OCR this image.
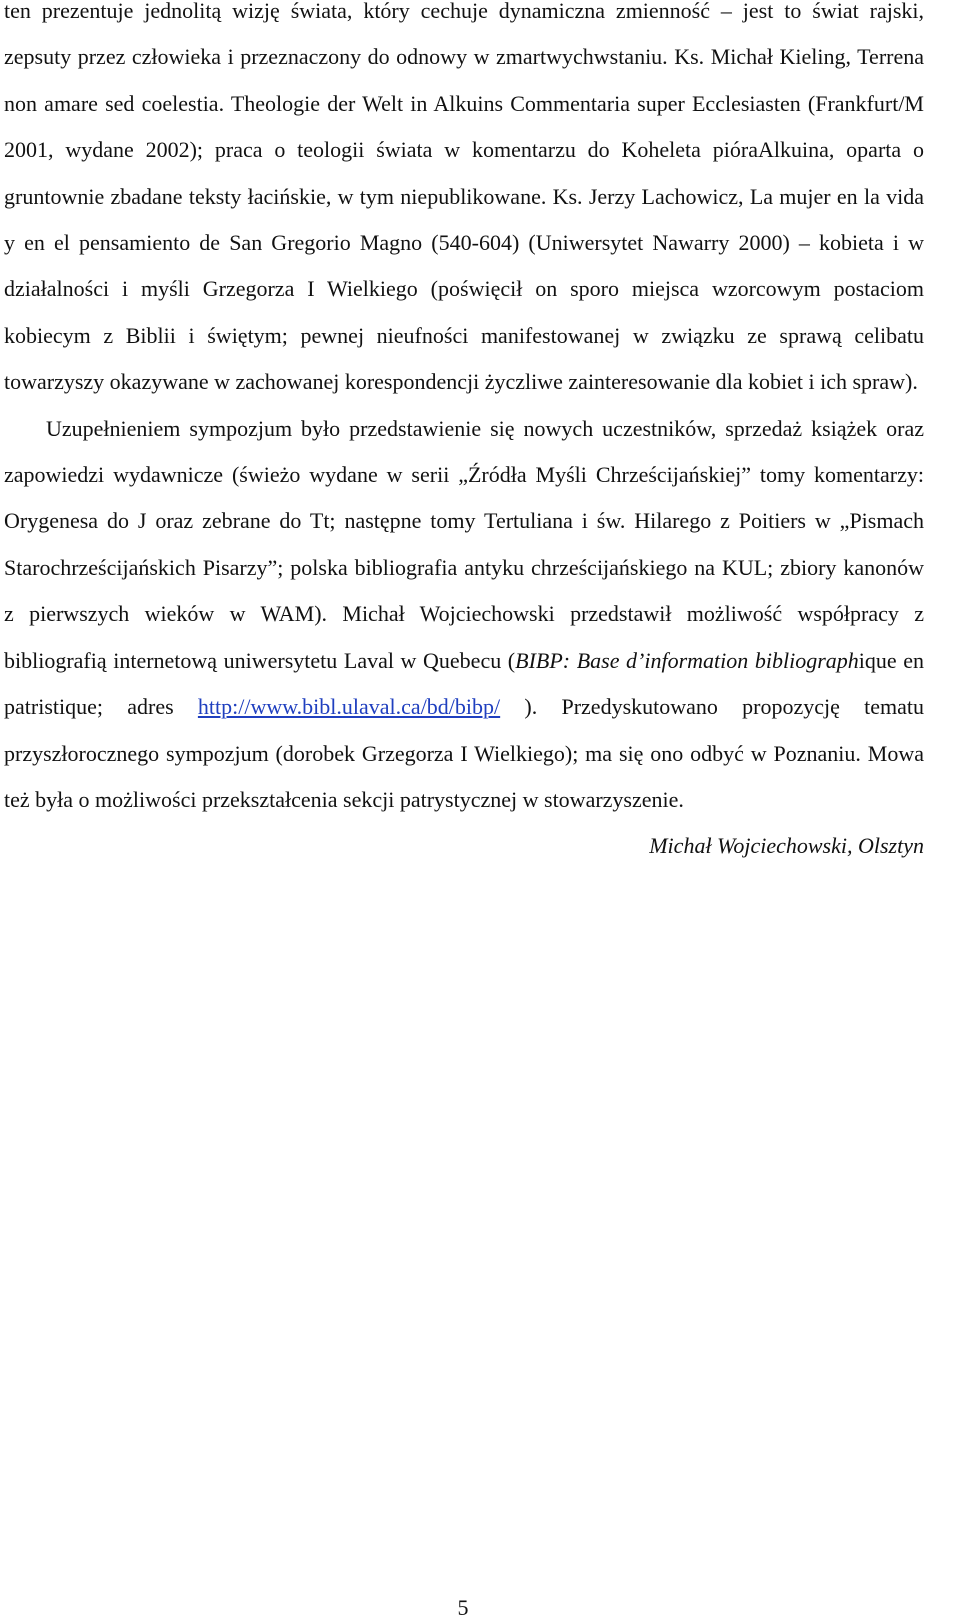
ten prezentuje jednolitą wizję świata, który cechuje dynamiczna zmienność – jest to świat rajski, zepsuty przez człowieka i przeznaczony do odnowy w zmartwychwstaniu. Ks. Michał Kieling, Terrena non amare sed coelestia. Theologie der Welt in Alkuins Commentaria super Ecclesiasten (Frankfurt/M 2001, wydane 2002); praca o teologii świata w komentarzu do Koheleta pióraAlkuina, oparta o gruntownie zbadane teksty łacińskie, w tym niepublikowane. Ks. Jerzy Lachowicz, La mujer en la vida y en el pensamiento de San Gregorio Magno (540-604) (Uniwersytet Nawarry 2000) – kobieta i w działalności i myśli Grzegorza I Wielkiego (poświęcił on sporo miejsca wzorcowym postaciom kobiecym z Biblii i świętym; pewnej nieufności manifestowanej w związku ze sprawą celibatu towarzyszy okazywane w zachowanej korespondencji życzliwe zainteresowanie dla kobiet i ich spraw).

Uzupełnieniem sympozjum było przedstawienie się nowych uczestników, sprzedaż książek oraz zapowiedzi wydawnicze (świeżo wydane w serii „Źródła Myśli Chrześcijańskiej” tomy komentarzy: Orygenesa do J oraz zebrane do Tt; następne tomy Tertuliana i św. Hilarego z Poitiers w „Pismach Starochrześcijańskich Pisarzy”; polska bibliografia antyku chrześcijańskiego na KUL; zbiory kanonów z pierwszych wieków w WAM). Michał Wojciechowski przedstawił możliwość współpracy z bibliografią internetową uniwersytetu Laval w Quebecu (BIBP: Base d’information bibliographique en patristique; adres http://www.bibl.ulaval.ca/bd/bibp/ ). Przedyskutowano propozycję tematu przyszłorocznego sympozjum (dorobek Grzegorza I Wielkiego); ma się ono odbyć w Poznaniu. Mowa też była o możliwości przekształcenia sekcji patrystycznej w stowarzyszenie.

Michał Wojciechowski, Olsztyn

5
